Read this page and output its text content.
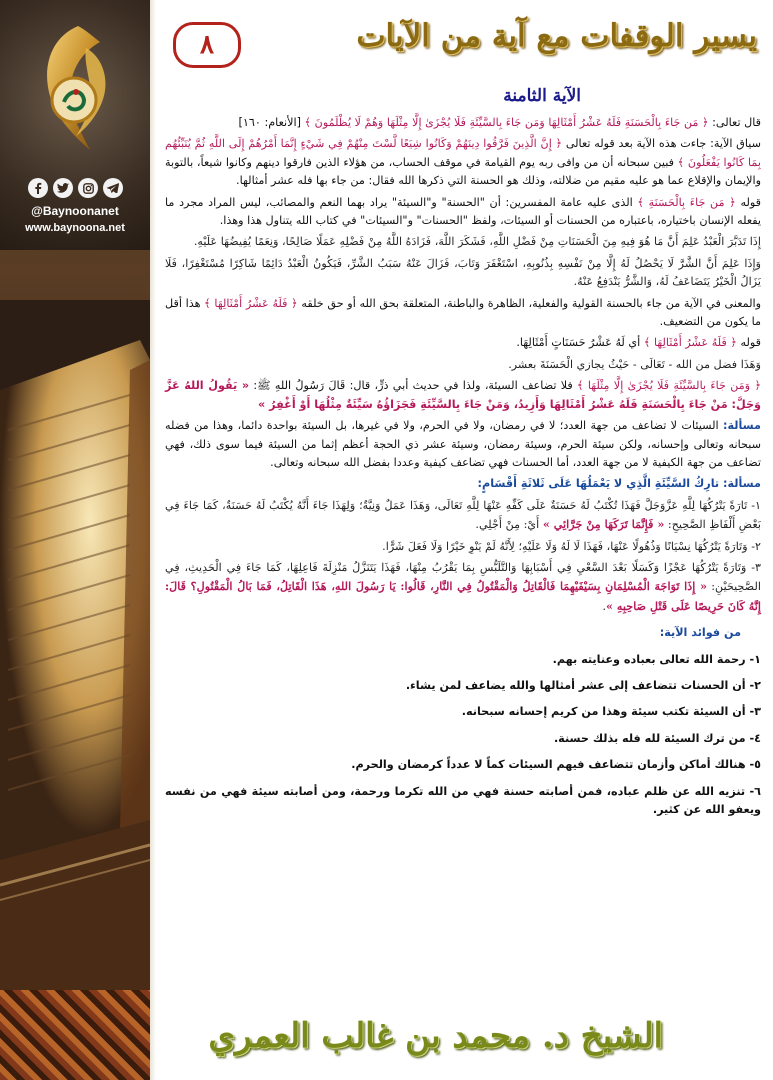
@Baynoonanet
www.baynoona.net
يسير الوقفات مع آية من الآيات
٨
الآية الثامنة

قال تعالى: ﴿ مَن جَاءَ بِالْحَسَنَةِ فَلَهُ عَشْرُ أَمْثَالِهَا وَمَن جَاءَ بِالسَّيِّئَةِ فَلَا يُجْزَىٰ إِلَّا مِثْلَهَا وَهُمْ لَا يُظْلَمُونَ ﴾ [الأنعام: ١٦٠]

سياق الآية: جاءت هذه الآية بعد قوله تعالى ﴿ إِنَّ الَّذِينَ فَرَّقُوا دِينَهُمْ وَكَانُوا شِيَعًا لَّسْتَ مِنْهُمْ فِي شَيْءٍ إِنَّمَا أَمْرُهُمْ إِلَى اللَّهِ ثُمَّ يُنَبِّئُهُم بِمَا كَانُوا يَفْعَلُونَ ﴾ فبين سبحانه أن من وافى ربه يوم القيامة في موقف الحساب، من هؤلاء الذين فارقوا دينهم وكانوا شيعاً، بالتوبة والإيمان والإقلاع عما هو عليه مقيم من ضلالته، وذلك هو الحسنة التي ذكرها الله فقال: من جاء بها فله عشر أمثالها.

قوله ﴿ مَن جَاءَ بِالْحَسَنَةِ ﴾ الذى عليه عامة المفسرين: أن "الحسنة" و"السيئة" يراد بهما النعم والمصائب، ليس المراد مجرد ما يفعله الإنسان باختياره، باعتباره من الحسنات أو السيئات، ولفظ "الحسنات" و"السيئات" في كتاب الله يتناول هذا وهذا.

إِذَا تَدَبَّرَ الْعَبْدُ عَلِمَ أَنَّ مَا هُوَ فِيهِ مِنَ الْحَسَنَاتِ مِنْ فَضْلِ اللَّهِ، فَشَكَرَ اللَّهَ، فَزَادَهُ اللَّهُ مِنْ فَضْلِهِ عَمَلًا صَالِحًا، وَنِعَمًا يُفِيضُهَا عَلَيْهِ.

وَإِذَا عَلِمَ أَنَّ الشَّرَّ لَا يَحْصُلُ لَهُ إِلَّا مِنْ نَفْسِهِ بِذُنُوبِهِ، اسْتَغْفَرَ وَتَابَ، فَزَالَ عَنْهُ سَبَبُ الشَّرِّ، فَيَكُونُ الْعَبْدُ دَائِمًا شَاكِرًا مُسْتَغْفِرًا، فَلَا يَزَالُ الْخَيْرُ يَتَضَاعَفُ لَهُ، وَالشَّرُّ يَنْدَفِعُ عَنْهُ.

والمعنى في الآية من جاء بالحسنة القولية والفعلية، الظاهرة والباطنة، المتعلقة بحق الله أو حق خلقه ﴿ فَلَهُ عَشْرُ أَمْثَالِهَا ﴾ هذا أقل ما يكون من التضعيف.

قوله ﴿ فَلَهُ عَشْرُ أَمْثَالِهَا ﴾ أي لَهُ عَشْرُ حَسَنَاتٍ أَمْثَالِهَا.

وَهَذَا فضل من الله - تَعَالَى - حَيْثُ يجازي الْحَسَنَةَ بعشر.

﴿ وَمَن جَاءَ بِالسَّيِّئَةِ فَلَا يُجْزَىٰ إِلَّا مِثْلَهَا ﴾ فلا تضاعف السيئة، ولذا في حديث أبي ذرٍّ، قال: قَالَ رَسُولُ اللهِ ﷺ: « يَقُولُ اللهُ عَزَّ وَجَلَّ: مَنْ جَاءَ بِالْحَسَنَةِ فَلَهُ عَشْرُ أَمْثَالِهَا وَأَزِيدُ، وَمَنْ جَاءَ بِالسَّيِّئَةِ فَجَزَاؤُهُ سَيِّئَةٌ مِثْلُهَا أَوْ أَغْفِرُ »

مسألة: السيئات لا تضاعف من جهة العدد؛ لا في رمضان، ولا في الحرم، ولا في غيرها، بل السيئة بواحدة دائما، وهذا من فضله سبحانه وتعالى وإحسانه، ولكن سيئة الحرم، وسيئة رمضان، وسيئة عشر ذي الحجة أعظم إثما من السيئة فيما سوى ذلك، فهي تضاعف من جهة الكيفية لا من جهة العدد، أما الحسنات فهي تضاعف كيفية وعددا بفضل الله سبحانه وتعالى.

مسألة: تارِكُ السَّيِّئَةِ الَّذِي لا يَعْمَلُهَا عَلَى ثَلاثَةِ أَقْسَامٍ:

١- تَارَةً يَتْرُكُهَا لِلَّهِ عَزَّوَجَلَّ فَهَذَا تُكْتَبُ لَهُ حَسَنَةٌ عَلَى كَفِّهِ عَنْهَا لِلَّهِ تَعَالَى، وَهَذَا عَمَلٌ وَنِيَّةٌ؛ وَلِهَذَا جَاءَ أَنَّهُ يُكْتَبُ لَهُ حَسَنَةٌ، كَمَا جَاءَ فِي بَعْضِ أَلْفَاظِ الصَّحِيحِ: « فَإِنَّمَا تَرَكَهَا مِنْ جَرَّائِي » أَيْ: مِنْ أَجْلِي.

٢- وَتَارَةً يَتْرُكُهَا نِسْيَانًا وَذُهُولًا عَنْهَا، فَهَذَا لَا لَهُ وَلَا عَلَيْهِ؛ لِأَنَّهُ لَمْ يَنْوِ خَيْرًا وَلَا فَعَلَ شَرًّا.

٣- وَتَارَةً يَتْرُكُهَا عَجْزًا وَكَسَلًا بَعْدَ السَّعْيِ فِي أَسْبَابِهَا وَالتَّلَبُّسِ بِمَا يَقْرُبُ مِنْهَا، فَهَذَا يَتَنَزَّلُ مَنْزِلَةَ فَاعِلِهَا، كَمَا جَاءَ فِي الْحَدِيثِ، فِي الصَّحِيحَيْنِ: « إِذَا تَوَاجَهَ الْمُسْلِمَانِ بِسَيْفَيْهِمَا فَالْقَاتِلُ وَالْمَقْتُولُ فِي النَّارِ، قَالُوا: يَا رَسُولَ اللهِ، هَذَا الْقَاتِلُ، فَمَا بَالُ الْمَقْتُولِ؟ قَالَ: إِنَّهُ كَانَ حَرِيصًا عَلَى قَتْلِ صَاحِبِهِ ».

من فوائد الآية:

١- رحمة الله تعالى بعباده وعنايته بهم.

٢- أن الحسنات تتضاعف إلى عشر أمثالها والله يضاعف لمن يشاء.

٣- أن السيئة تكتب سيئة وهذا من كريم إحسانه سبحانه.

٤- من ترك السيئة لله فله بذلك حسنة.

٥- هنالك أماكن وأزمان تتضاعف فيهم السيئات كماً لا عدداً كرمضان والحرم.

٦- تنزيه الله عن ظلم عباده، فمن أصابته حسنة فهي من الله تكرما ورحمة، ومن أصابته سيئة فهي من نفسه ويعفو الله عن كثير.

الشيخ د. محمد بن غالب العمري
